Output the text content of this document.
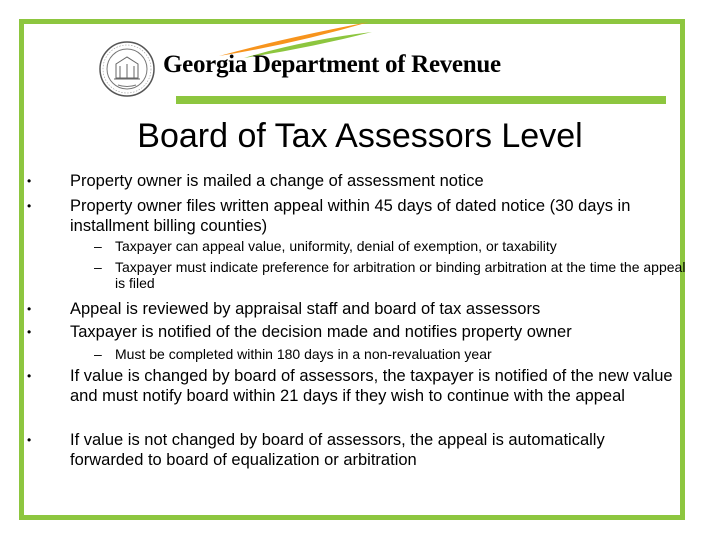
Georgia Department of Revenue
Board of Tax Assessors Level
•	Property owner is mailed a change of assessment notice
•	Property owner files written appeal within 45 days of dated notice (30 days in installment billing counties)
– Taxpayer can appeal value, uniformity, denial of exemption, or taxability
– Taxpayer must indicate preference for arbitration or binding arbitration at the time the appeal is filed
•	Appeal is reviewed by appraisal staff and board of tax assessors
•	Taxpayer is notified of the decision made and notifies property owner
– Must be completed within 180 days in a non-revaluation year
•	If value is changed by board of assessors, the taxpayer is notified of the new value and must notify board within 21 days if they wish to continue with the appeal
•	If value is not changed by board of assessors, the appeal is automatically forwarded to board of equalization or arbitration
